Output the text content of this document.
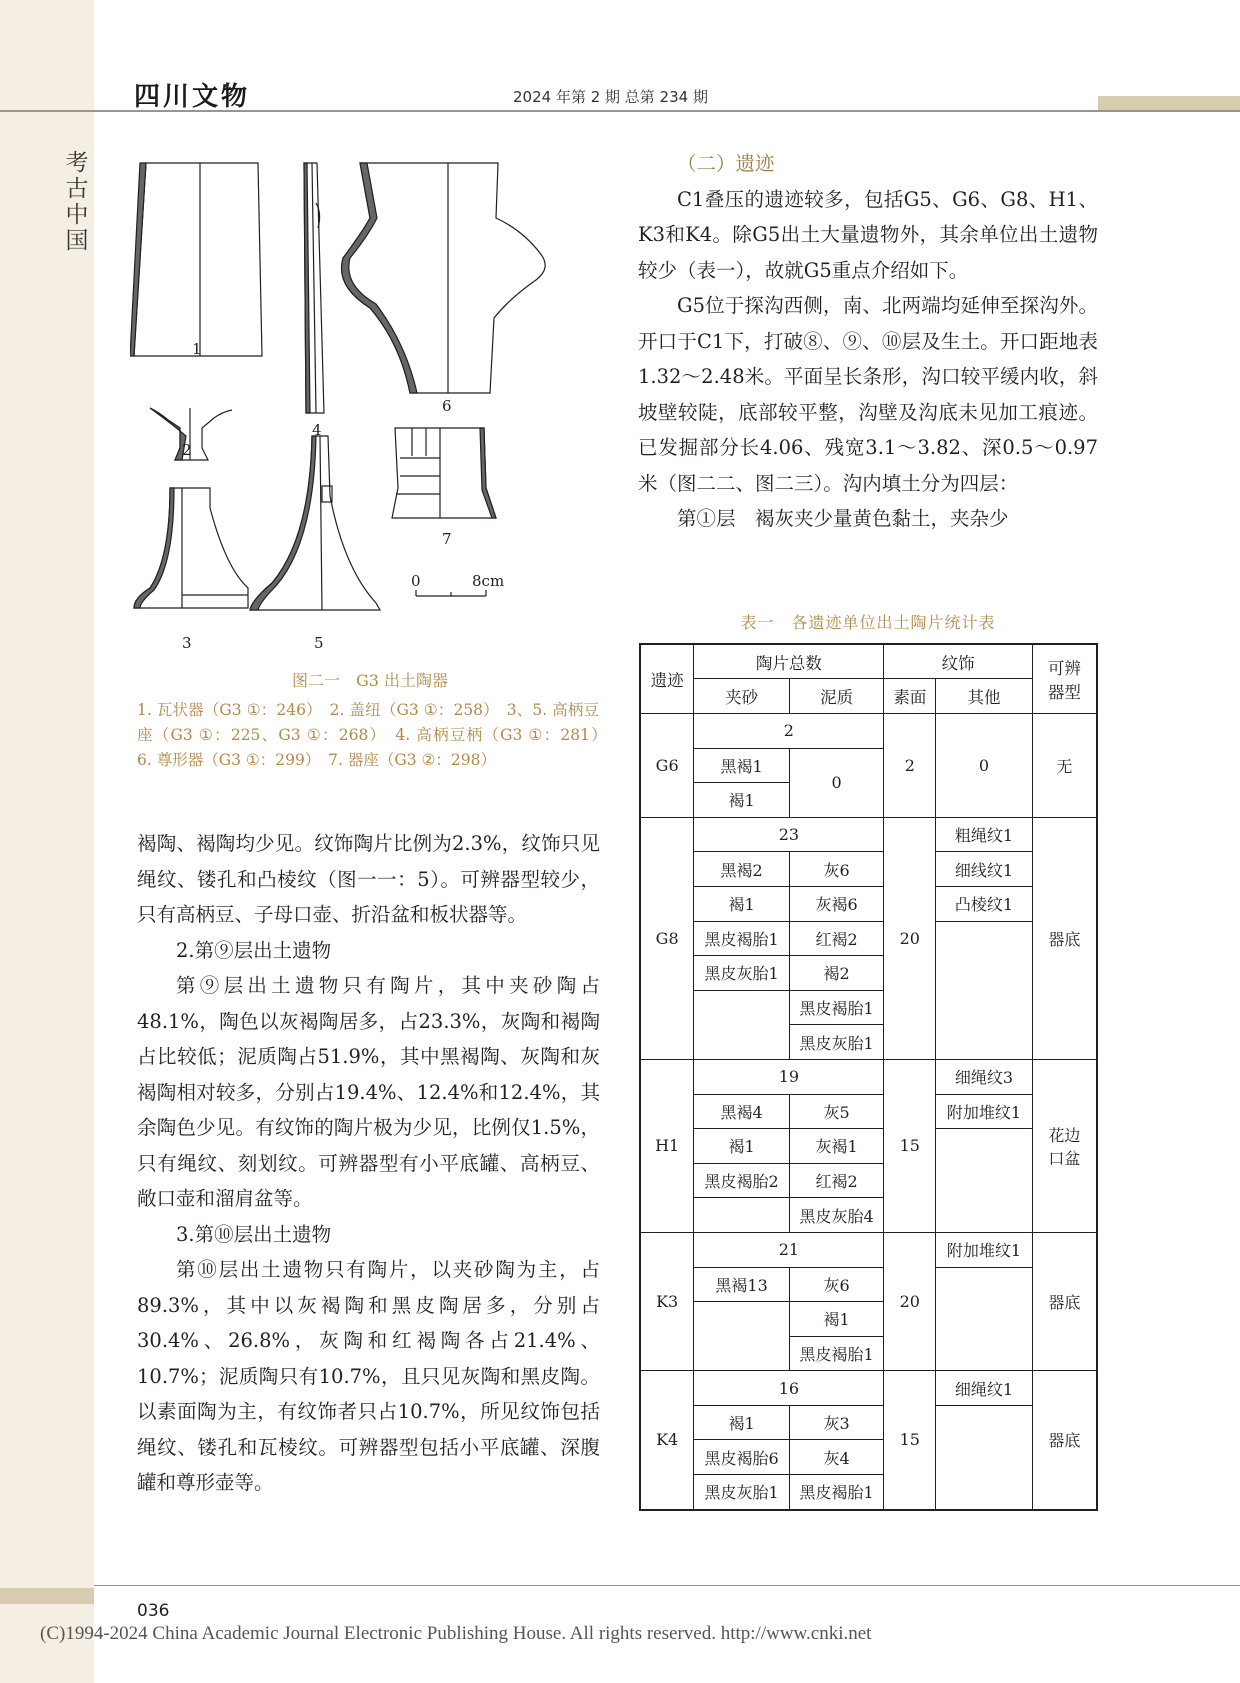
四川文物	2024 年第 2 期 总第 234 期
考古中国
1
2
3
4
5
6
7
0	8cm
图二一　G3 出土陶器
1. 瓦状器（G3 ①：246）　2. 盖纽（G3 ①：258）　3、5. 高柄豆座（G3 ①：225、G3 ①：268）　4. 高柄豆柄（G3 ①：281）　6. 尊形器（G3 ①：299）　7. 器座（G3 ②：298）

褐陶、褐陶均少见。纹饰陶片比例为2.3%，纹饰只见绳纹、镂孔和凸棱纹（图一一：5）。可辨器型较少，只有高柄豆、子母口壶、折沿盆和板状器等。

2.第⑨层出土遗物

第⑨层出土遗物只有陶片，其中夹砂陶占48.1%，陶色以灰褐陶居多，占23.3%，灰陶和褐陶占比较低；泥质陶占51.9%，其中黑褐陶、灰陶和灰褐陶相对较多，分别占19.4%、12.4%和12.4%，其余陶色少见。有纹饰的陶片极为少见，比例仅1.5%，只有绳纹、刻划纹。可辨器型有小平底罐、高柄豆、敞口壶和溜肩盆等。

3.第⑩层出土遗物

第⑩层出土遗物只有陶片，以夹砂陶为主，占89.3%，其中以灰褐陶和黑皮陶居多，分别占30.4%、26.8%，灰陶和红褐陶各占21.4%、10.7%；泥质陶只有10.7%，且只见灰陶和黑皮陶。以素面陶为主，有纹饰者只占10.7%，所见纹饰包括绳纹、镂孔和瓦棱纹。可辨器型包括小平底罐、深腹罐和尊形壶等。

（二）遗迹

C1叠压的遗迹较多，包括G5、G6、G8、H1、K3和K4。除G5出土大量遗物外，其余单位出土遗物较少（表一），故就G5重点介绍如下。

G5位于探沟西侧，南、北两端均延伸至探沟外。开口于C1下，打破⑧、⑨、⑩层及生土。开口距地表1.32～2.48米。平面呈长条形，沟口较平缓内收，斜坡壁较陡，底部较平整，沟壁及沟底未见加工痕迹。已发掘部分长4.06、残宽3.1～3.82、深0.5～0.97米（图二二、图二三）。沟内填土分为四层：

第①层　褐灰夹少量黄色黏土，夹杂少

表一　各遗迹单位出土陶片统计表
遗迹	陶片总数		纹饰		可辨
器型
	夹砂	泥质	素面	其他	
G6	2		2	0	无
	黑褐1	0			
	褐1				
G8	23		20	粗绳纹1	器底
	黑褐2	灰6		细线纹1	
	褐1	灰褐6		凸棱纹1	
	黑皮褐胎1	红褐2			
	黑皮灰胎1	褐2			
		黑皮褐胎1			
		黑皮灰胎1			
H1	19		15	细绳纹3	花边
口盆
	黑褐4	灰5		附加堆纹1	
	褐1	灰褐1			
	黑皮褐胎2	红褐2			
		黑皮灰胎4			
K3	21		20	附加堆纹1	器底
	黑褐13	灰6			
		褐1			
		黑皮褐胎1			
K4	16		15	细绳纹1	器底
	褐1	灰3			
	黑皮褐胎6	灰4			
	黑皮灰胎1	黑皮褐胎1			
036
(C)1994-2024 China Academic Journal Electronic Publishing House. All rights reserved. http://www.cnki.net
